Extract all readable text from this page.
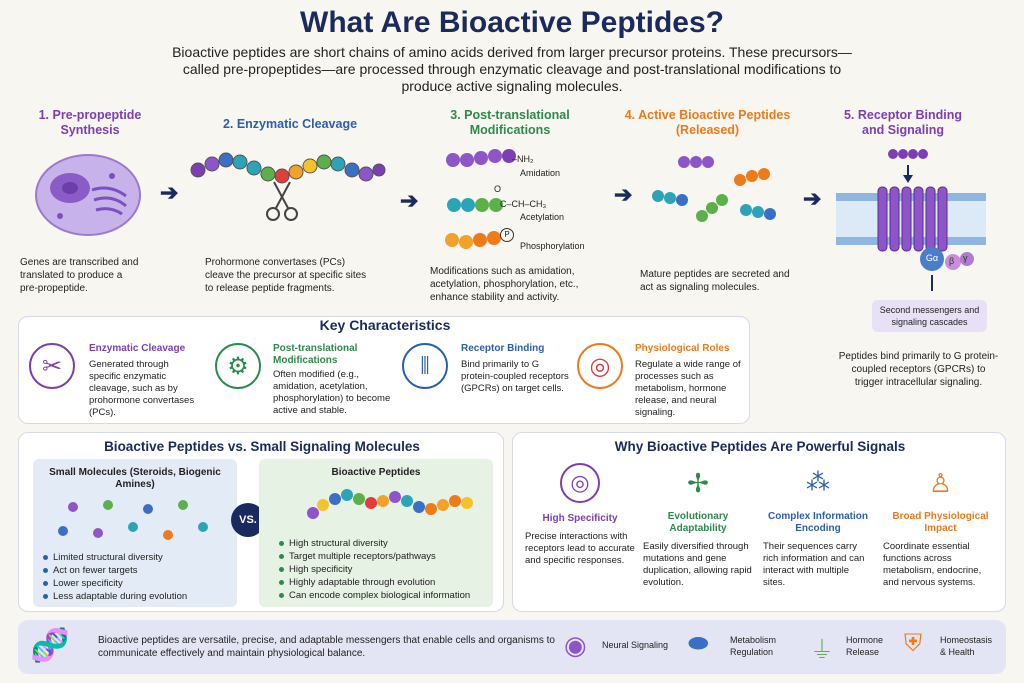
What Are Bioactive Peptides?
Bioactive peptides are short chains of amino acids derived from larger precursor proteins. These precursors—called pre-propeptides—are processed through enzymatic cleavage and post-translational modifications to produce active signaling molecules.
1. Pre-propeptide Synthesis	2. Enzymatic Cleavage
3. Post-translational Modifications
4. Active Bioactive Peptides (Released)
5. Receptor Binding and Signaling
Genes are transcribed and translated to produce a pre-propeptide.
➔
Prohormone convertases (PCs) cleave the precursor at specific sites to release peptide fragments.
➔
–NH₂
Amidation
O
C–CH–CH₃
Acetylation
P
Phosphorylation
Modifications such as amidation, acetylation, phosphorylation, etc., enhance stability and activity.
➔
Mature peptides are secreted and act as signaling molecules.
➔
Gα β γ
Second messengers and signaling cascades
Peptides bind primarily to G protein-coupled receptors (GPCRs) to trigger intracellular signaling.
Key Characteristics
✂
Enzymatic Cleavage
Generated through specific enzymatic cleavage, such as by prohormone convertases (PCs).
⚙
Post-translational Modifications
Often modified (e.g., amidation, acetylation, phosphorylation) to become active and stable.
⫼
Receptor Binding
Bind primarily to G protein-coupled receptors (GPCRs) on target cells.
◎
Physiological Roles
Regulate a wide range of processes such as metabolism, hormone release, and neural signaling.
Bioactive Peptides vs. Small Signaling Molecules
Small Molecules (Steroids, Biogenic Amines)
Limited structural diversity
Act on fewer targets
Lower specificity
Less adaptable during evolution
VS.
Bioactive Peptides
High structural diversity
Target multiple receptors/pathways
High specificity
Highly adaptable through evolution
Can encode complex biological information
Why Bioactive Peptides Are Powerful Signals
◎
High Specificity
Precise interactions with receptors lead to accurate and specific responses.
✢
Evolutionary Adaptability
Easily diversified through mutations and gene duplication, allowing rapid evolution.
⁂
Complex Information Encoding
Their sequences carry rich information and can interact with multiple sites.
♙
Broad Physiological Impact
Coordinate essential functions across metabolism, endocrine, and nervous systems.
🧬	Bioactive peptides are versatile, precise, and adaptable messengers that enable cells and organisms to communicate effectively and maintain physiological balance.	◉ Neural Signaling ⬬ Metabolism Regulation	⏚ Hormone Release	⛨ Homeostasis & Health
